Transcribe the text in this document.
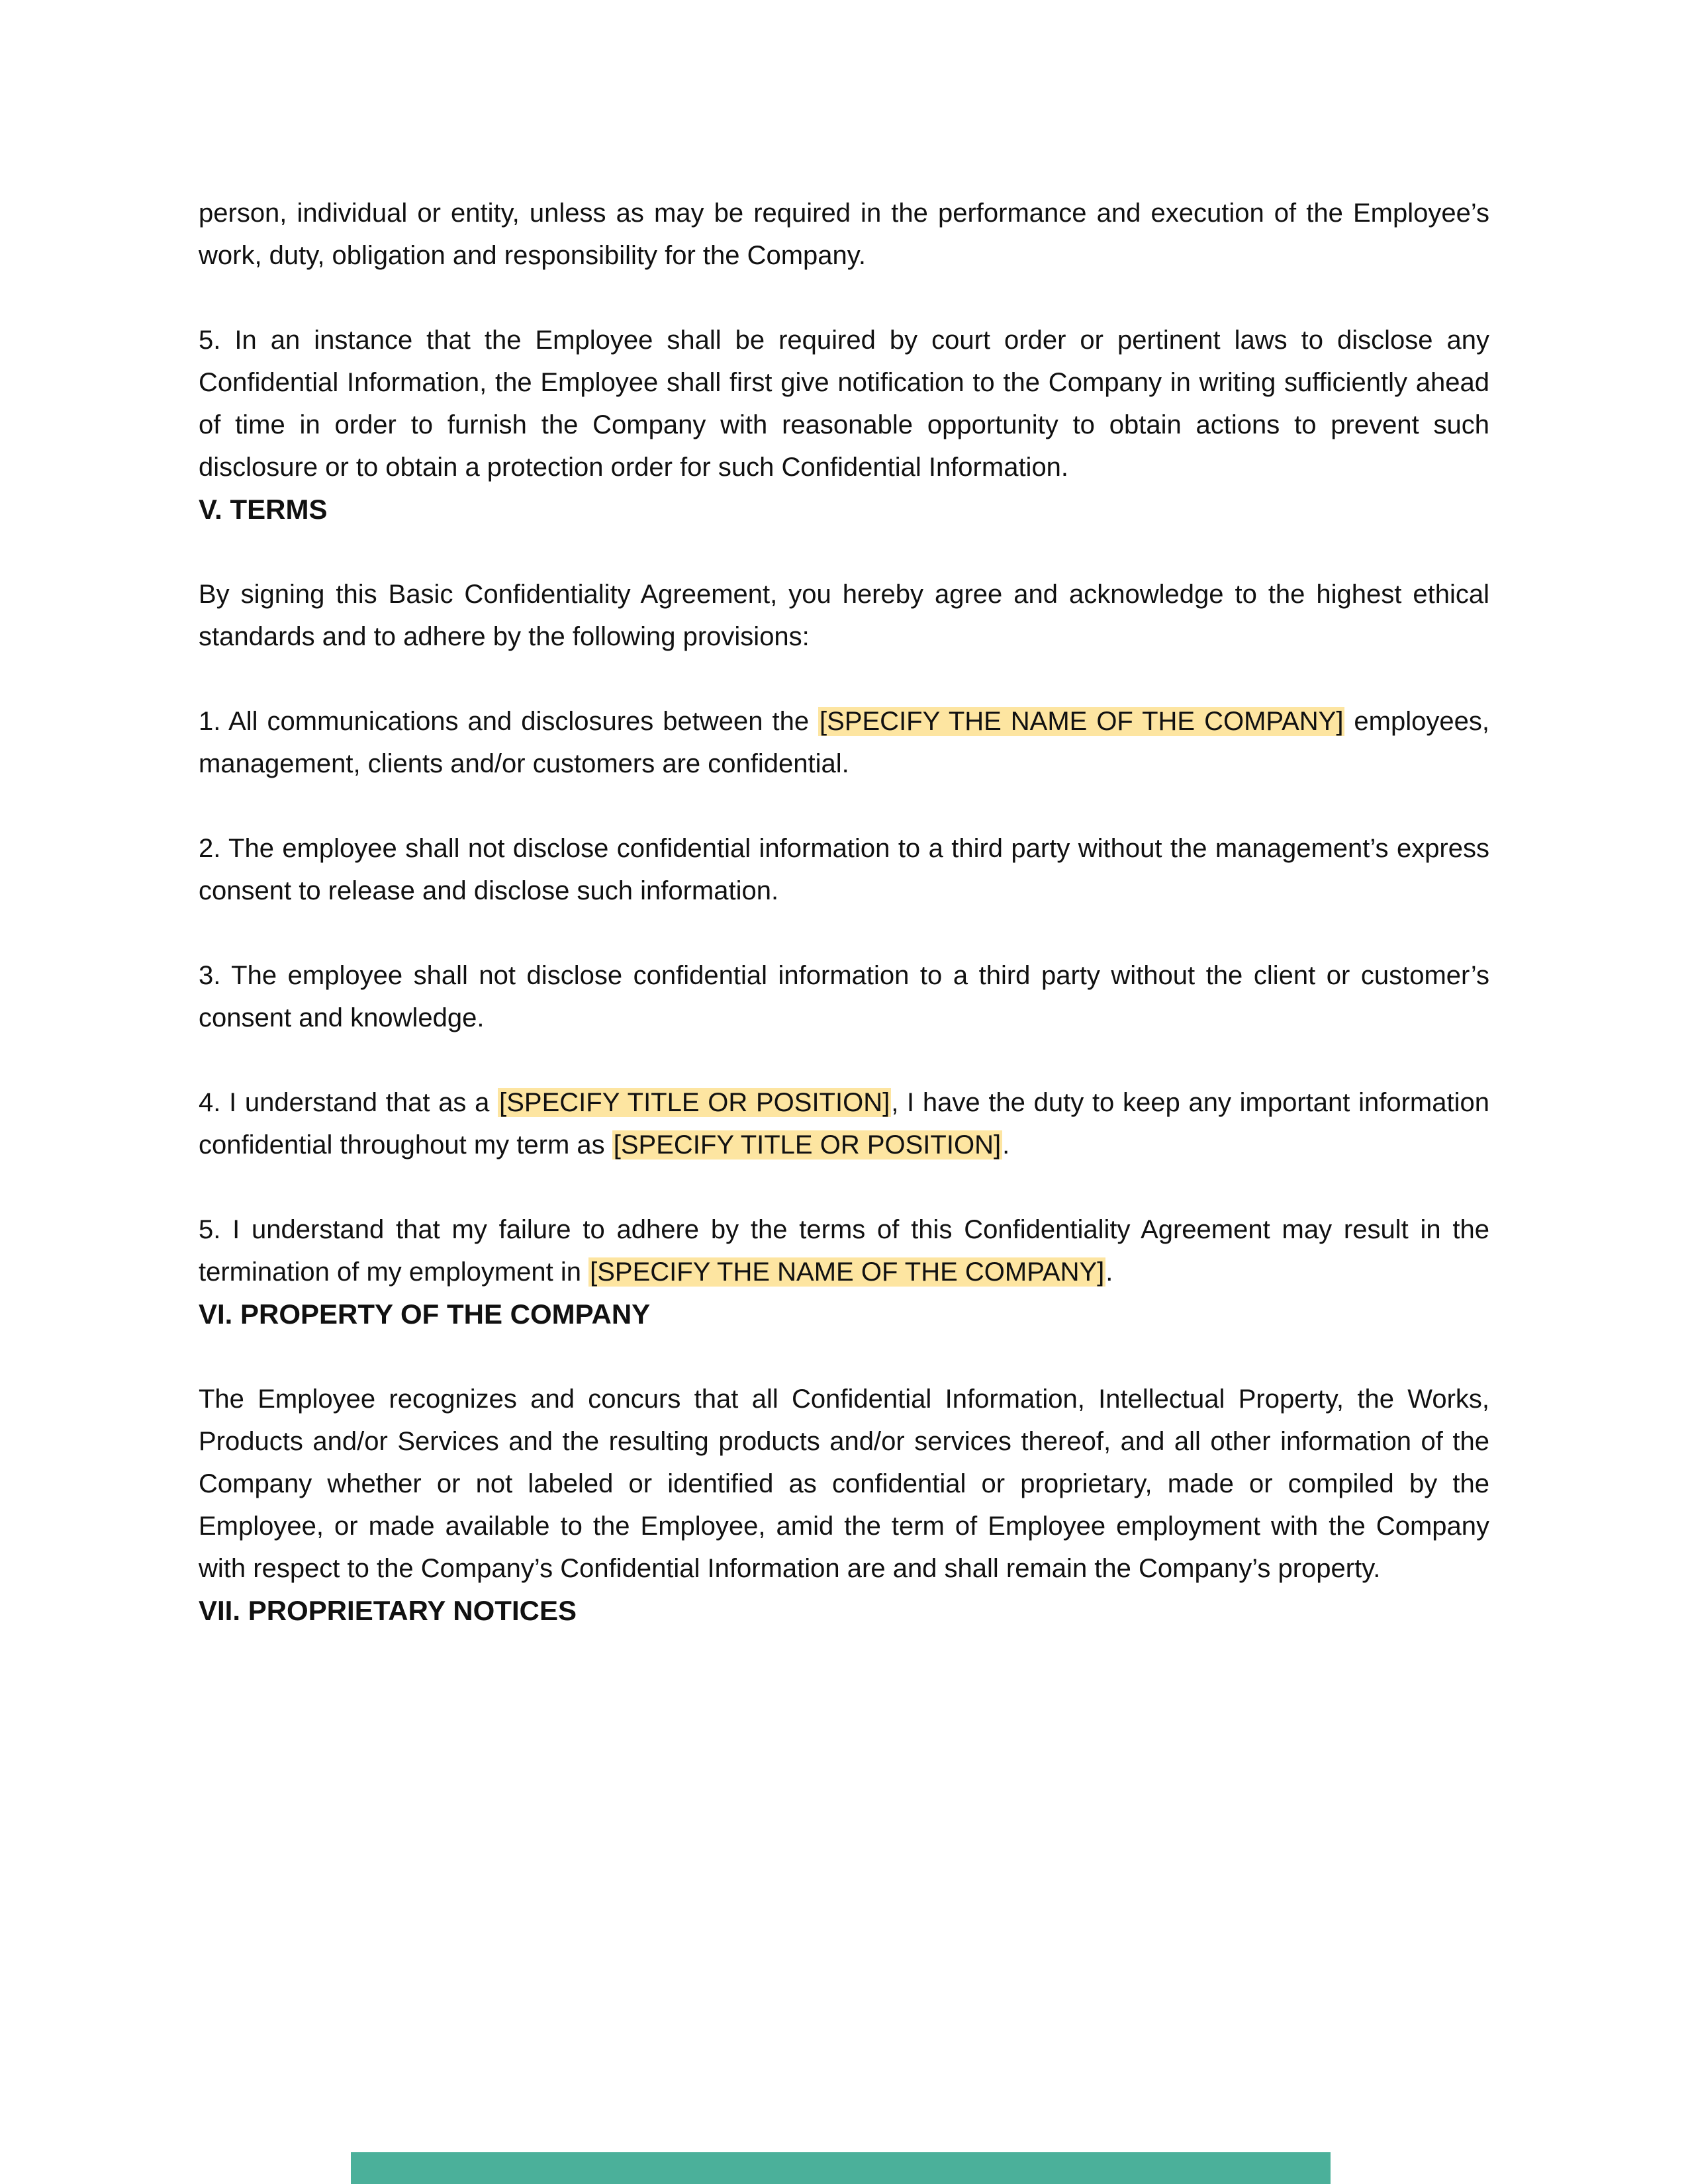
person, individual or entity, unless as may be required in the performance and execution of the Employee’s work, duty, obligation and responsibility for the Company.

5. In an instance that the Employee shall be required by court order or pertinent laws to disclose any Confidential Information, the Employee shall first give notification to the Company in writing sufficiently ahead of time in order to furnish the Company with reasonable opportunity to obtain actions to prevent such disclosure or to obtain a protection order for such Confidential Information.

V. TERMS

By signing this Basic Confidentiality Agreement, you hereby agree and acknowledge to the highest ethical standards and to adhere by the following provisions:

1. All communications and disclosures between the [SPECIFY THE NAME OF THE COMPANY] employees, management, clients and/or customers are confidential.

2. The employee shall not disclose confidential information to a third party without the management’s express consent to release and disclose such information.

3. The employee shall not disclose confidential information to a third party without the client or customer’s consent and knowledge.

4. I understand that as a [SPECIFY TITLE OR POSITION], I have the duty to keep any important information confidential throughout my term as [SPECIFY TITLE OR POSITION].

5. I understand that my failure to adhere by the terms of this Confidentiality Agreement may result in the termination of my employment in [SPECIFY THE NAME OF THE COMPANY].

VI. PROPERTY OF THE COMPANY

The Employee recognizes and concurs that all Confidential Information, Intellectual Property, the Works, Products and/or Services and the resulting products and/or services thereof, and all other information of the Company whether or not labeled or identified as confidential or proprietary, made or compiled by the Employee, or made available to the Employee, amid the term of Employee employment with the Company with respect to the Company’s Confidential Information are and shall remain the Company’s property.

VII. PROPRIETARY NOTICES
